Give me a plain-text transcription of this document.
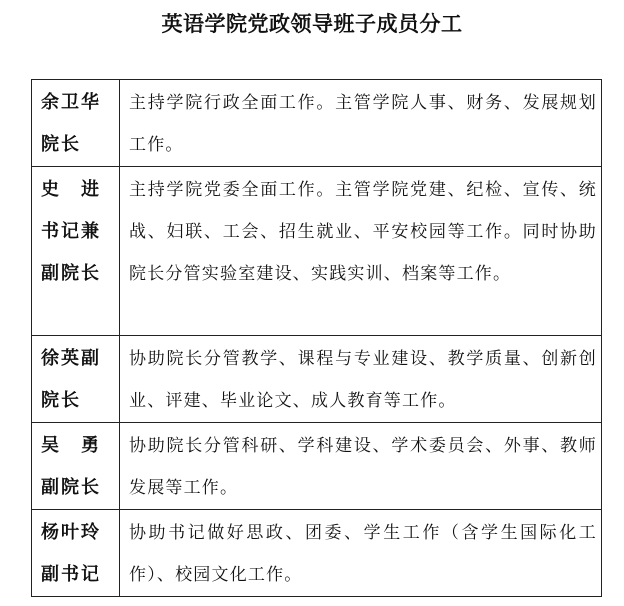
英语学院党政领导班子成员分工
余卫华
院长	主持学院行政全面工作。主管学院人事、财务、发展规划工作。

史　进
书记兼
副院长	主持学院党委全面工作。主管学院党建、纪检、宣传、统战、妇联、工会、招生就业、平安校园等工作。同时协助院长分管实验室建设、实践实训、档案等工作。

徐英副
院长	协助院长分管教学、课程与专业建设、教学质量、创新创业、评建、毕业论文、成人教育等工作。

吴　勇
副院长	协助院长分管科研、学科建设、学术委员会、外事、教师发展等工作。

杨叶玲
副书记	协助书记做好思政、团委、学生工作（含学生国际化工作）、校园文化工作。
